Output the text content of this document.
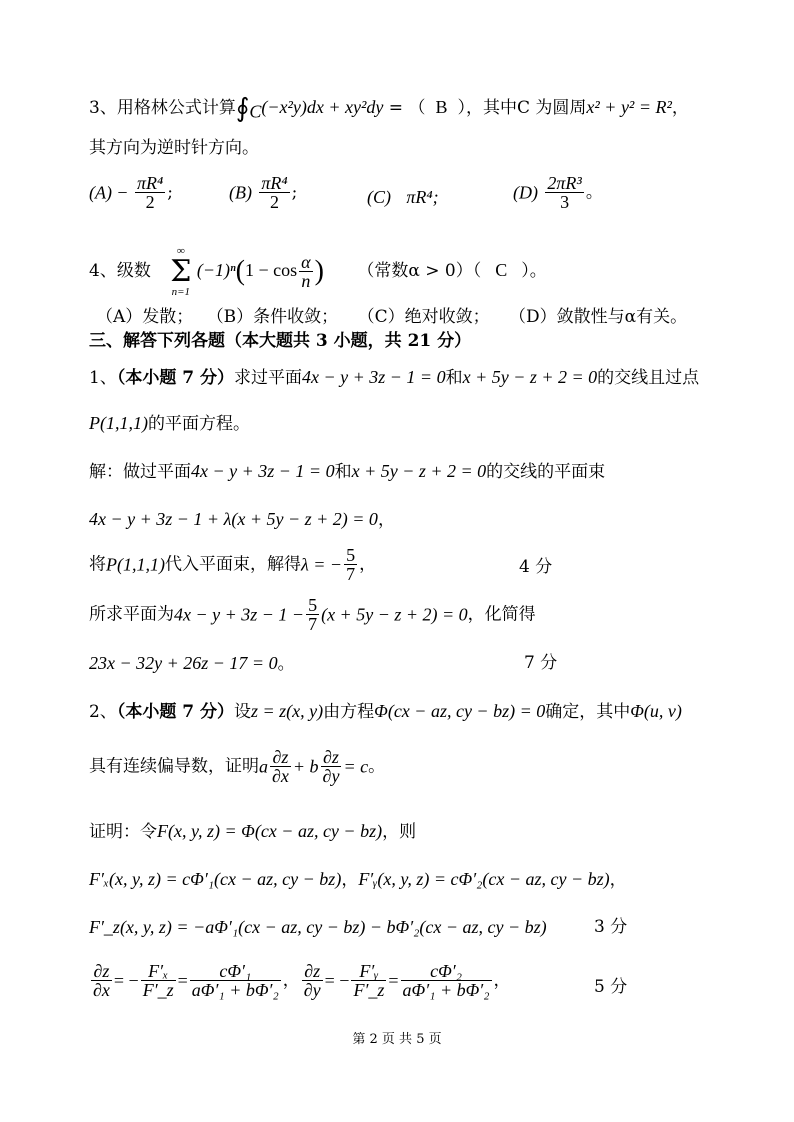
3、用格林公式计算$∮_C(-x^2y)dx + xy^2dy$ = （ B ），其中C 为圆周x² + y² = R²，
其方向为逆时针方向。
$(A) - \frac{\text{πR⁴}}{2}$ ;	$(B) \frac{\text{πR⁴}}{2}$ ;	(C) πR⁴;	$(D) \frac{\text{2πR³}}{3}$ 。
4、级数
∞
Σ
n=1
$(-1)^n(1 - \cos \frac{\alpha}{n}$ ) （常数α > 0）（ C ）。
（A）发散； （B）条件收敛； （C）绝对收敛； （D）敛散性与α有关。
三、解答下列各题（本大题共 3 小题，共 21 分）
1、（本小题 7 分）求过平面4x − y + 3z − 1 = 0和x + 5y − z + 2 = 0的交线且过点
P(1,1,1)的平面方程。
解：做过平面4x − y + 3z − 1 = 0和x + 5y − z + 2 = 0的交线的平面束
4x − y + 3z − 1 + λ(x + 5y − z + 2) = 0，
将P(1,1,1)代入平面束，解得λ = − $\frac{5}{7}$ ，	4 分
所求平面为$4x - y + 3z - 1 - \frac{5}{7} (x + 5y - z + 2) = 0$，化简得
23x − 32y + 26z − 17 = 0。	7 分
2、（本小题 7 分）设z = z(x, y)由方程Φ(cx − az, cy − bz) = 0确定，其中Φ(u, v)
具有连续偏导数，证明a $\frac{\partial z}{\partial x} + b \frac{\partial z}{\partial y} = c$。
证明：令F(x, y, z) = Φ(cx − az, cy − bz)，则
F′ₓ(x, y, z) = cΦ′₁(cx − az, cy − bz)，F′ᵧ(x, y, z) = cΦ′₂(cx − az, cy − bz)，
F′_z(x, y, z) = −aΦ′₁(cx − az, cy − bz) − bΦ′₂(cx − az, cy − bz)	3 分
$\frac{\partial z}{\partial x}$ = − $\frac{\text{F′ₓ}}{F'\_z} = \frac{\text{cΦ′₁}}{\text{aΦ′₁ + bΦ′₂}}$ ， $\frac{\partial z}{\partial y}$ = − $\frac{\text{F′ᵧ}}{F'\_z} = \frac{\text{cΦ′₂}}{\text{aΦ′₁ + bΦ′₂}}$ ，	5 分
第 2 页 共 5 页
